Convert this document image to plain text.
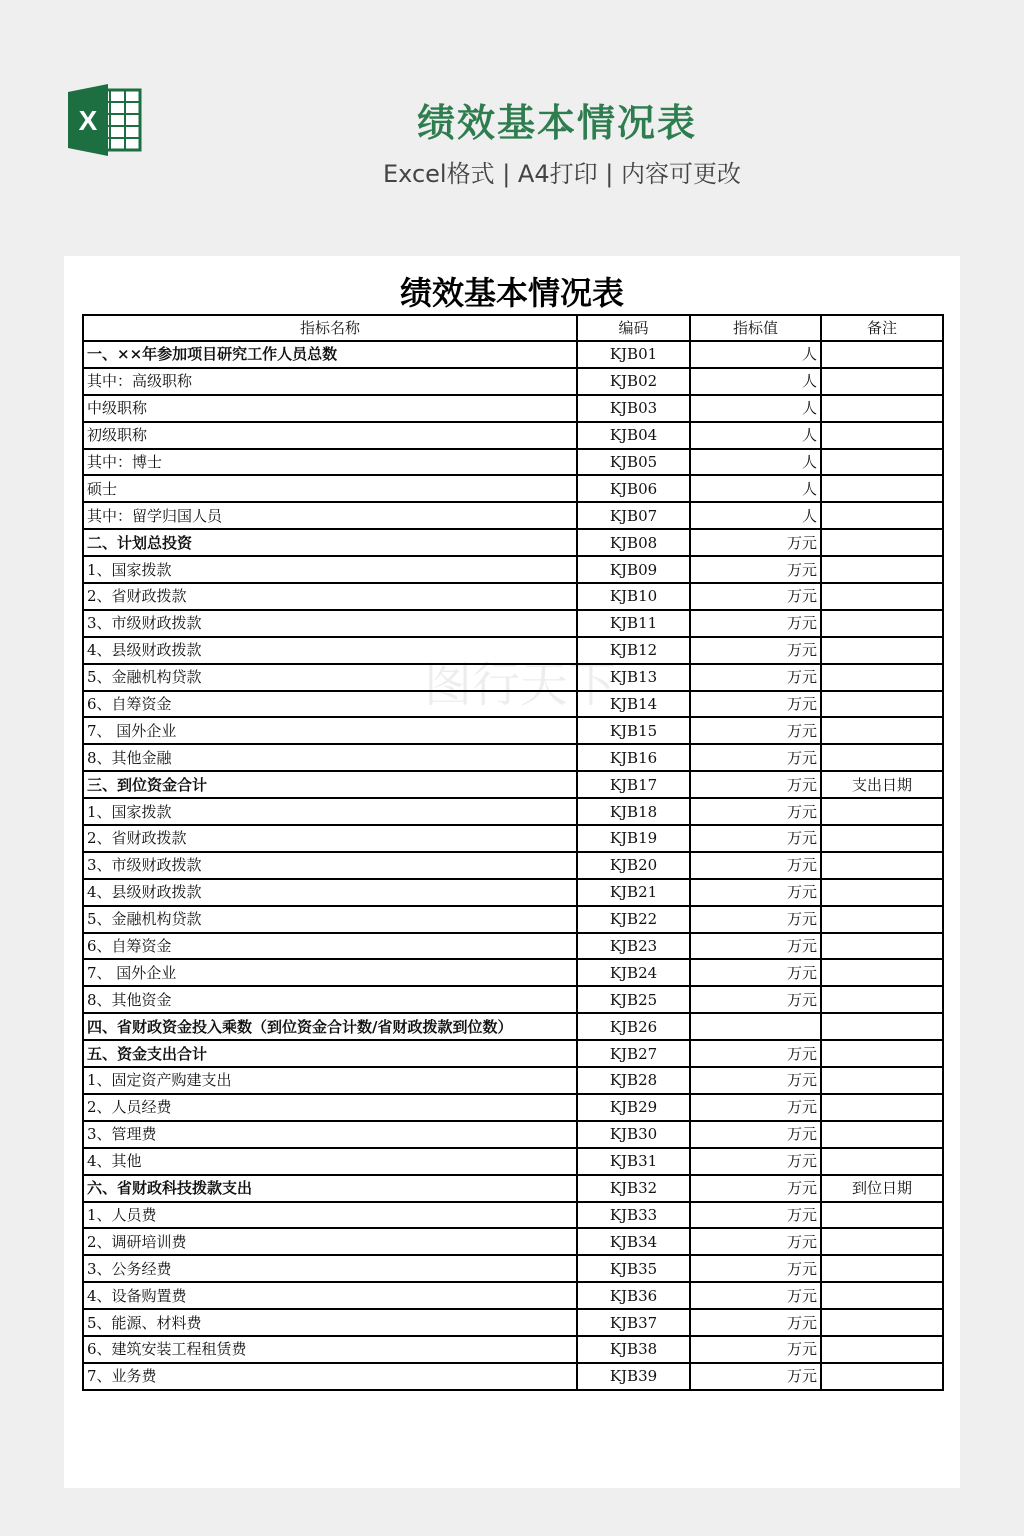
X	绩效基本情况表
Excel格式 | A4打印 | 内容可更改
绩效基本情况表
图行天下
指标名称	编码	指标值	备注
一、××年参加项目研究工作人员总数	KJB01	人	
其中：高级职称	KJB02	人	
中级职称	KJB03	人	
初级职称	KJB04	人	
其中：博士	KJB05	人	
硕士	KJB06	人	
其中：留学归国人员	KJB07	人	
二、计划总投资	KJB08	万元	
1、国家拨款	KJB09	万元	
2、省财政拨款	KJB10	万元	
3、市级财政拨款	KJB11	万元	
4、县级财政拨款	KJB12	万元	
5、金融机构贷款	KJB13	万元	
6、自筹资金	KJB14	万元	
7、 国外企业	KJB15	万元	
8、其他金融	KJB16	万元	
三、到位资金合计	KJB17	万元	支出日期
1、国家拨款	KJB18	万元	
2、省财政拨款	KJB19	万元	
3、市级财政拨款	KJB20	万元	
4、县级财政拨款	KJB21	万元	
5、金融机构贷款	KJB22	万元	
6、自筹资金	KJB23	万元	
7、 国外企业	KJB24	万元	
8、其他资金	KJB25	万元	
四、省财政资金投入乘数（到位资金合计数/省财政拨款到位数）	KJB26		
五、资金支出合计	KJB27	万元	
1、固定资产购建支出	KJB28	万元	
2、人员经费	KJB29	万元	
3、管理费	KJB30	万元	
4、其他	KJB31	万元	
六、省财政科技拨款支出	KJB32	万元	到位日期
1、人员费	KJB33	万元	
2、调研培训费	KJB34	万元	
3、公务经费	KJB35	万元	
4、设备购置费	KJB36	万元	
5、能源、材料费	KJB37	万元	
6、建筑安装工程租赁费	KJB38	万元	
7、业务费	KJB39	万元	
